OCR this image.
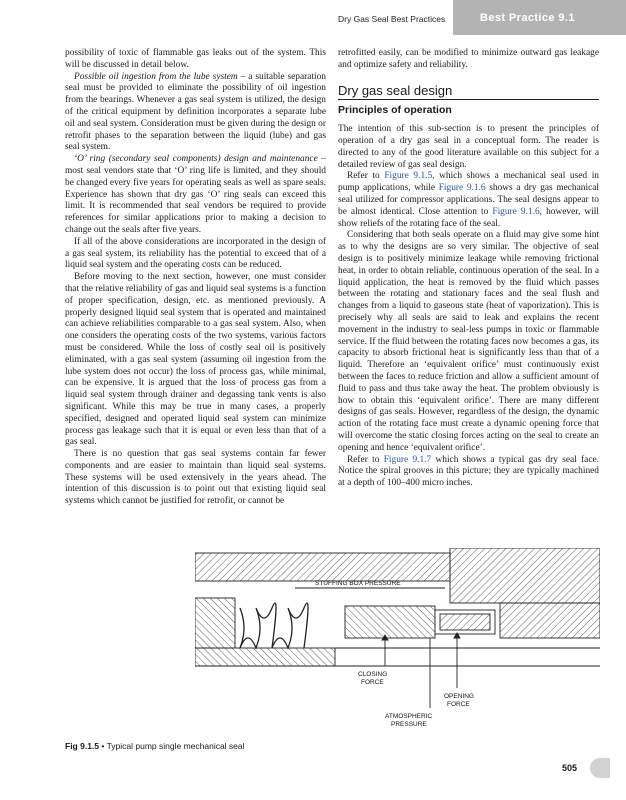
Best Practice 9.1
Dry Gas Seal Best Practices

possibility of toxic of flammable gas leaks out of the system. This will be discussed in detail below.

Possible oil ingestion from the lube system – a suitable separation seal must be provided to eliminate the possibility of oil ingestion from the bearings. Whenever a gas seal system is utilized, the design of the critical equipment by definition incorporates a separate lube oil and seal system. Consideration must be given during the design or retrofit phases to the separation between the liquid (lube) and gas seal system.

‘O’ ring (secondary seal components) design and maintenance – most seal vendors state that ‘O’ ring life is limited, and they should be changed every five years for operating seals as well as spare seals. Experience has shown that dry gas ‘O’ ring seals can exceed this limit. It is recommended that seal vendors be required to provide references for similar applications prior to making a decision to change out the seals after five years.

If all of the above considerations are incorporated in the design of a gas seal system, its reliability has the potential to exceed that of a liquid seal system and the operating costs can be reduced.

Before moving to the next section, however, one must consider that the relative reliability of gas and liquid seal systems is a function of proper specification, design, etc. as mentioned previously. A properly designed liquid seal system that is operated and maintained can achieve reliabilities comparable to a gas seal system. Also, when one considers the operating costs of the two systems, various factors must be considered. While the loss of costly seal oil is positively eliminated, with a gas seal system (assuming oil ingestion from the lube system does not occur) the loss of process gas, while minimal, can be expensive. It is argued that the loss of process gas from a liquid seal system through drainer and degassing tank vents is also significant. While this may be true in many cases, a properly specified, designed and operated liquid seal system can minimize process gas leakage such that it is equal or even less than that of a gas seal.

There is no question that gas seal systems contain far fewer components and are easier to maintain than liquid seal systems. These systems will be used extensively in the years ahead. The intention of this discussion is to point out that existing liquid seal systems which cannot be justified for retrofit, or cannot be

retrofitted easily, can be modified to minimize outward gas leakage and optimize safety and reliability.

Dry gas seal design
Principles of operation

The intention of this sub-section is to present the principles of operation of a dry gas seal in a conceptual form. The reader is directed to any of the good literature available on this subject for a detailed review of gas seal design.

Refer to Figure 9.1.5, which shows a mechanical seal used in pump applications, while Figure 9.1.6 shows a dry gas mechanical seal utilized for compressor applications. The seal designs appear to be almost identical. Close attention to Figure 9.1.6, however, will show reliefs of the rotating face of the seal.

Considering that both seals operate on a fluid may give some hint as to why the designs are so very similar. The objective of seal design is to positively minimize leakage while removing frictional heat, in order to obtain reliable, continuous operation of the seal. In a liquid application, the heat is removed by the fluid which passes between the rotating and stationary faces and the seal flush and changes from a liquid to gaseous state (heat of vaporization). This is precisely why all seals are said to leak and explains the recent movement in the industry to seal-less pumps in toxic or flammable service. If the fluid between the rotating faces now becomes a gas, its capacity to absorb frictional heat is significantly less than that of a liquid. Therefore an ‘equivalent orifice’ must continuously exist between the faces to reduce friction and allow a sufficient amount of fluid to pass and thus take away the heat. The problem obviously is how to obtain this ‘equivalent orifice’. There are many different designs of gas seals. However, regardless of the design, the dynamic action of the rotating face must create a dynamic opening force that will overcome the static closing forces acting on the seal to create an opening and hence ‘equivalent orifice’.

Refer to Figure 9.1.7 which shows a typical gas dry seal face. Notice the spiral grooves in this picture; they are typically machined at a depth of 100–400 micro inches.

STUFFING BOX PRESSURE
CLOSING
FORCE
OPENING
FORCE
ATMOSPHERIC
PRESSURE
Fig 9.1.5 • Typical pump single mechanical seal
505
